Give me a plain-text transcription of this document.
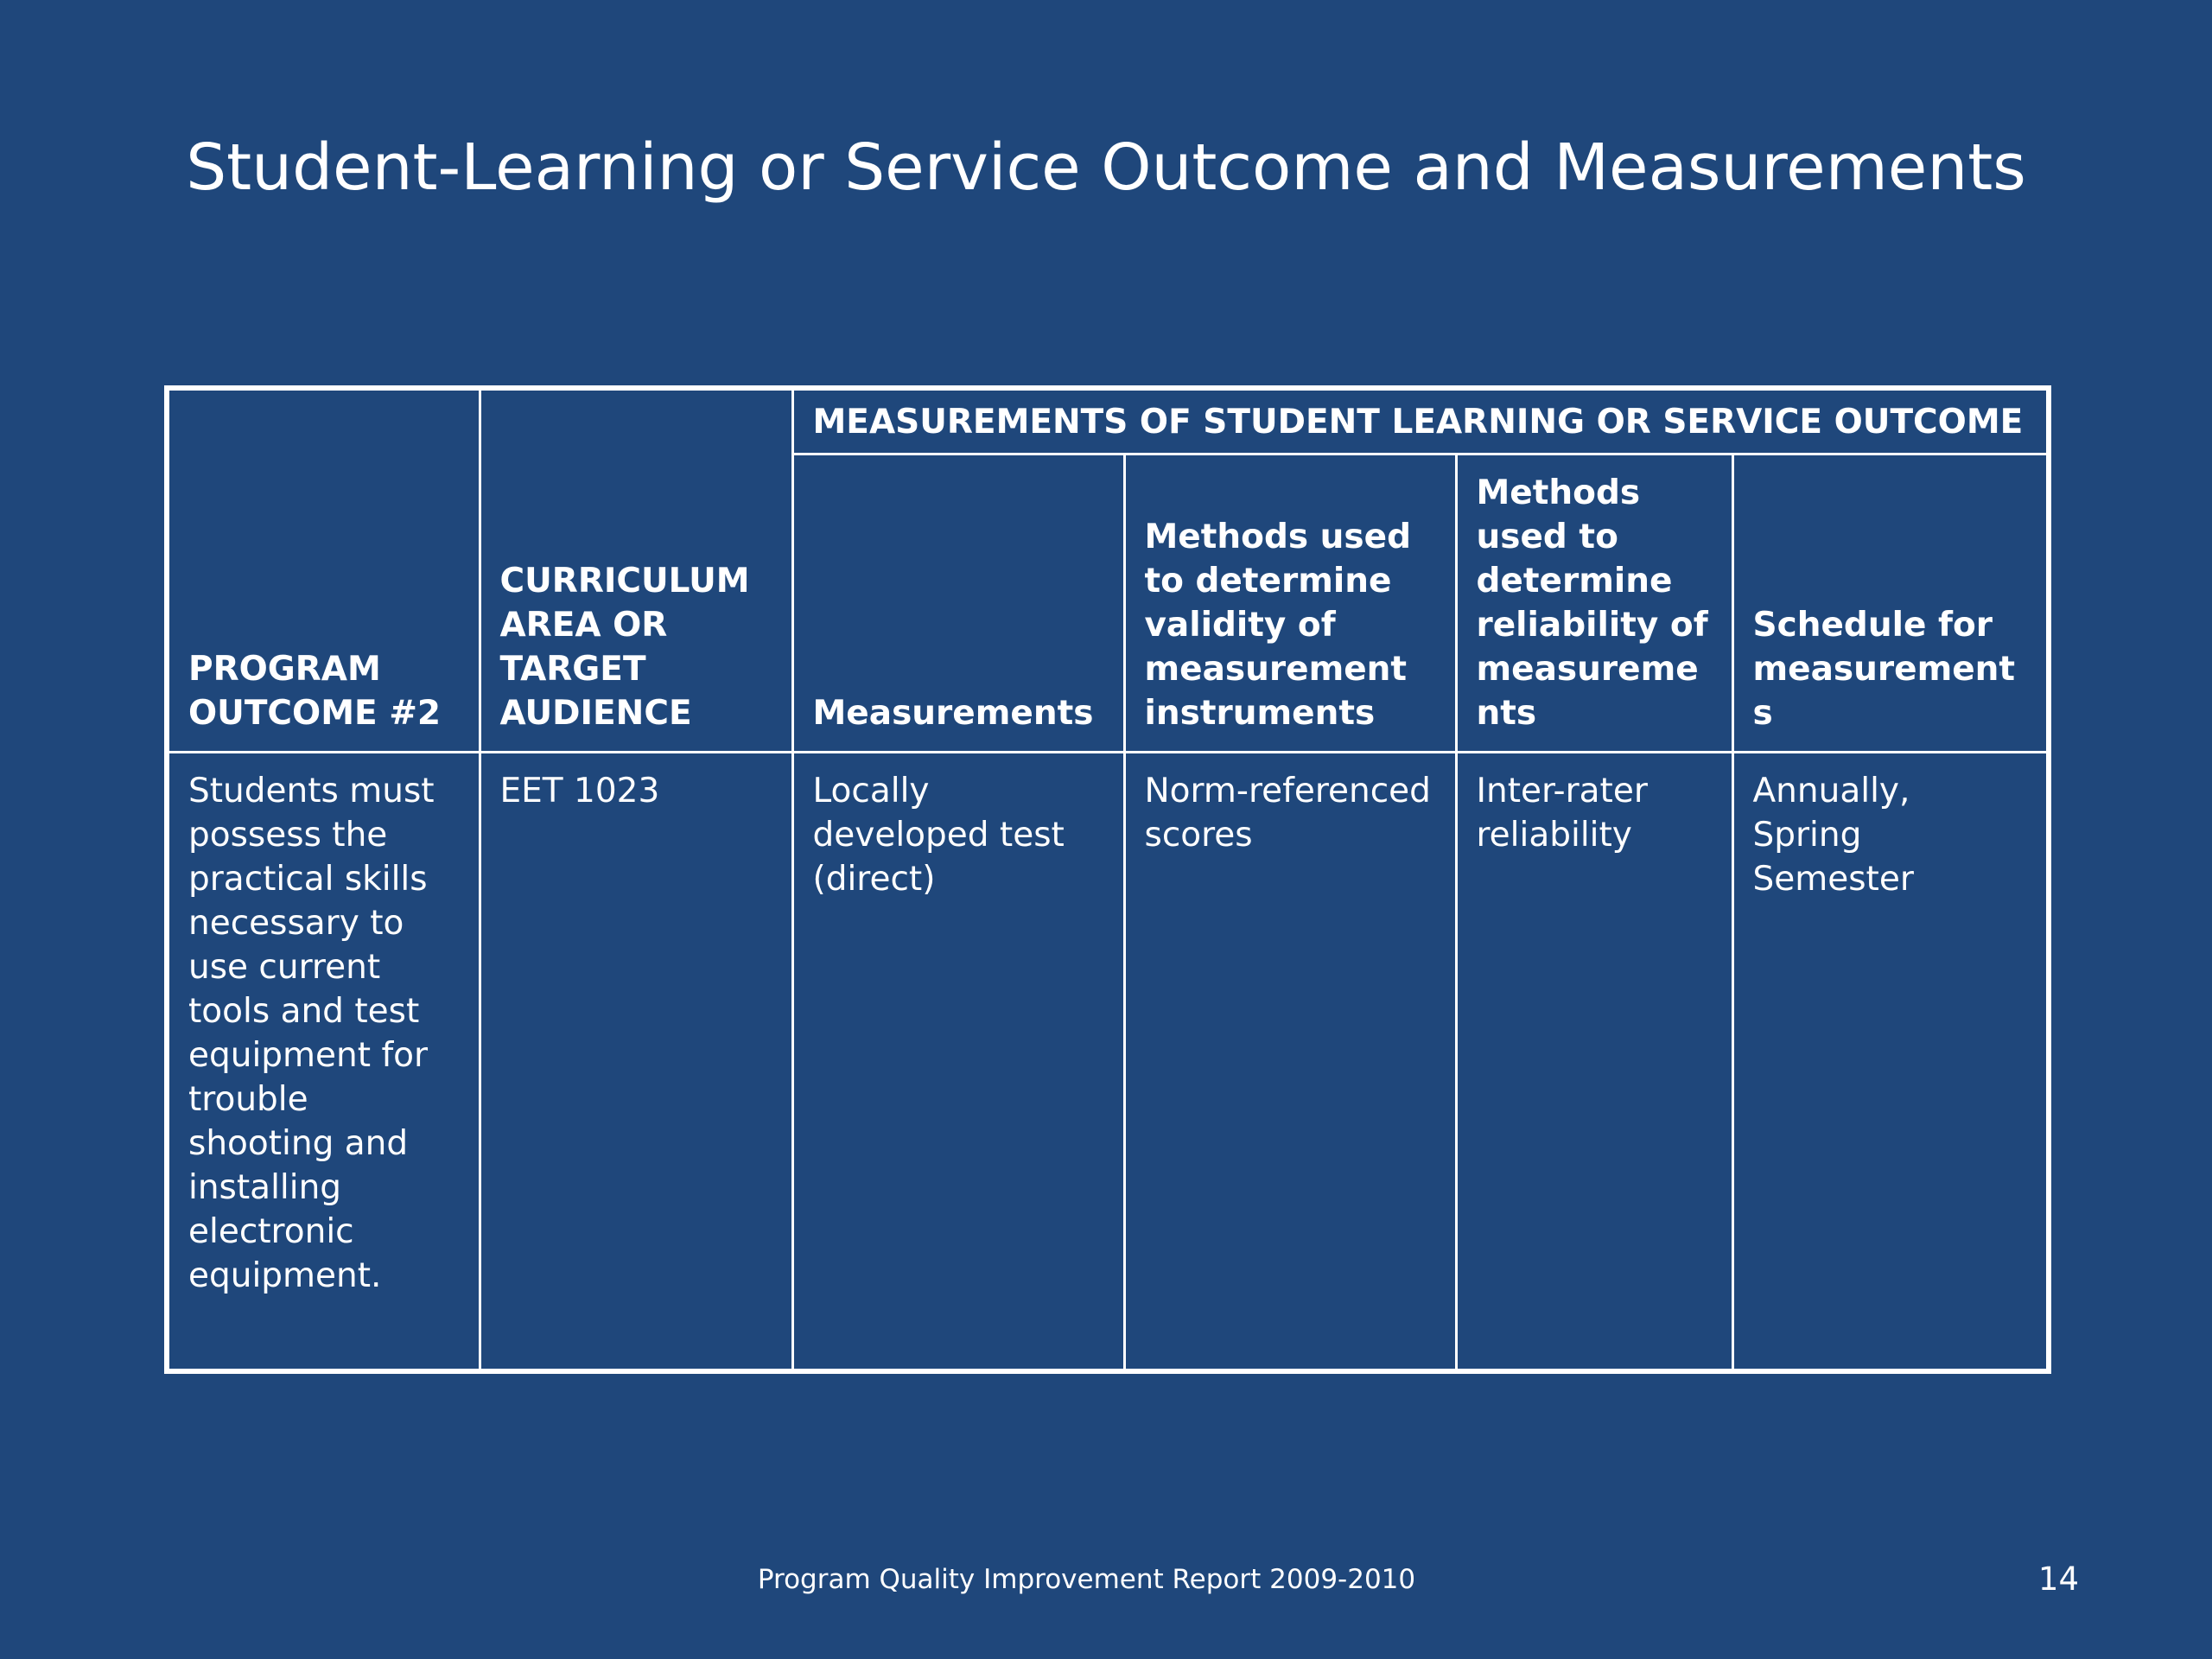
Student-Learning or Service Outcome and Measurements
PROGRAM OUTCOME #2	CURRICULUM AREA OR TARGET AUDIENCE	MEASUREMENTS OF STUDENT LEARNING OR SERVICE OUTCOME			
		Measurements	Methods used to determine validity of measurement instruments	Methods used to determine reliability of measurements	Schedule for measurements
Students must possess the practical skills necessary to use current tools and test equipment for trouble shooting and installing electronic equipment.	EET 1023	Locally developed test (direct)	Norm-referenced scores	Inter-rater reliability	Annually, Spring Semester
Program Quality Improvement Report 2009-2010	14
